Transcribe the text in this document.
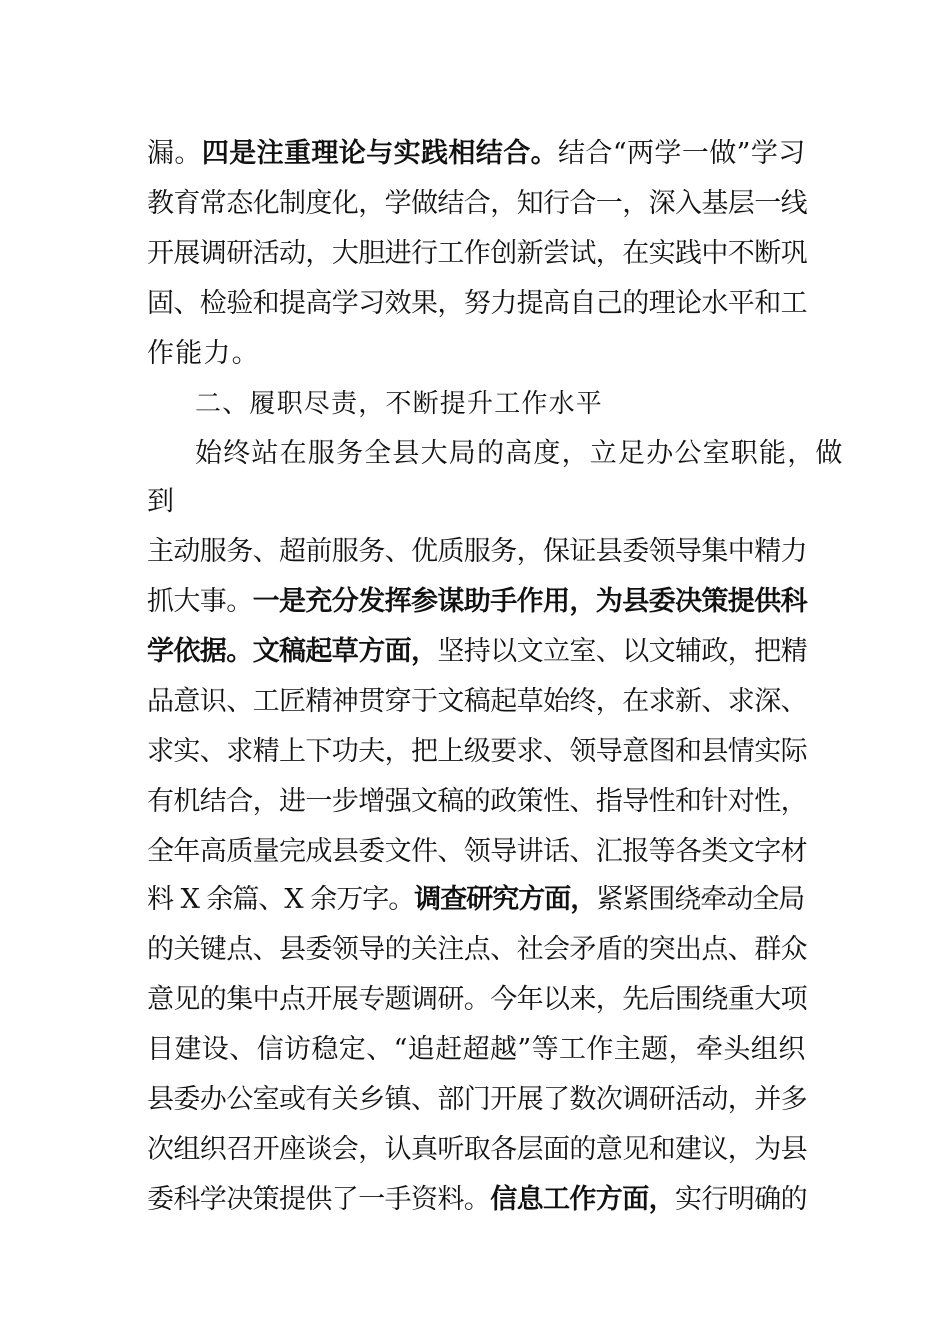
漏。四是注重理论与实践相结合。结合“两学一做”学习
教育常态化制度化，学做结合，知行合一，深入基层一线
开展调研活动，大胆进行工作创新尝试，在实践中不断巩
固、检验和提高学习效果，努力提高自己的理论水平和工
作能力。
二、履职尽责，不断提升工作水平
始终站在服务全县大局的高度，立足办公室职能，做
到
主动服务、超前服务、优质服务，保证县委领导集中精力
抓大事。一是充分发挥参谋助手作用，为县委决策提供科
学依据。文稿起草方面，坚持以文立室、以文辅政，把精
品意识、工匠精神贯穿于文稿起草始终，在求新、求深、
求实、求精上下功夫，把上级要求、领导意图和县情实际
有机结合，进一步增强文稿的政策性、指导性和针对性，
全年高质量完成县委文件、领导讲话、汇报等各类文字材
料 X 余篇、X 余万字。调查研究方面，紧紧围绕牵动全局
的关键点、县委领导的关注点、社会矛盾的突出点、群众
意见的集中点开展专题调研。今年以来，先后围绕重大项
目建设、信访稳定、“追赶超越”等工作主题，牵头组织
县委办公室或有关乡镇、部门开展了数次调研活动，并多
次组织召开座谈会，认真听取各层面的意见和建议，为县
委科学决策提供了一手资料。信息工作方面，实行明确的
